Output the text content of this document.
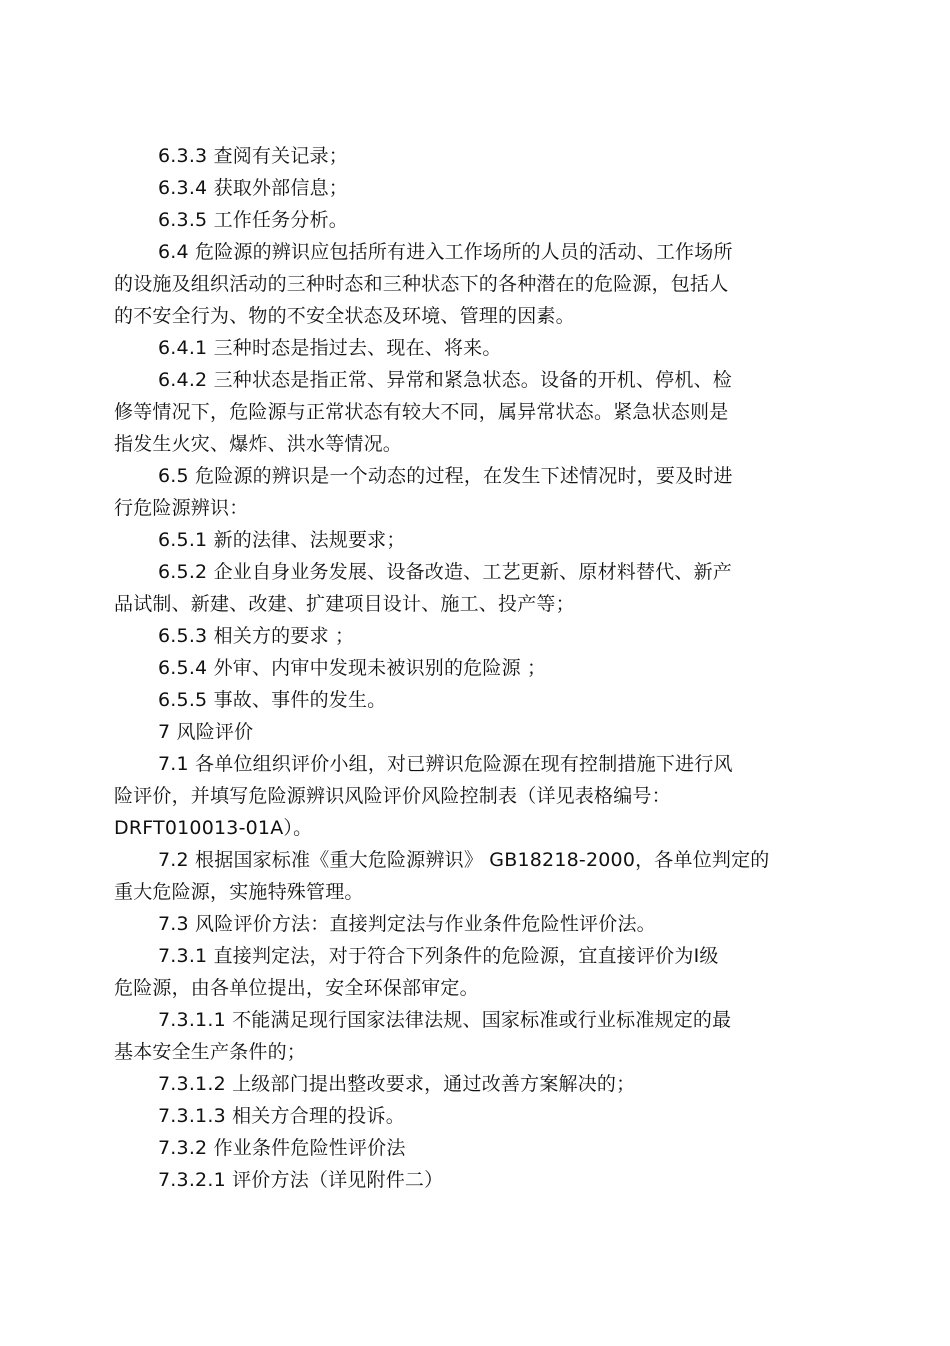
6.3.3 查阅有关记录；
6.3.4 获取外部信息；
6.3.5 工作任务分析。
6.4 危险源的辨识应包括所有进入工作场所的人员的活动、工作场所
的设施及组织活动的三种时态和三种状态下的各种潜在的危险源，包括人
的不安全行为、物的不安全状态及环境、管理的因素。
6.4.1 三种时态是指过去、现在、将来。
6.4.2 三种状态是指正常、异常和紧急状态。设备的开机、停机、检
修等情况下，危险源与正常状态有较大不同，属异常状态。紧急状态则是
指发生火灾、爆炸、洪水等情况。
6.5 危险源的辨识是一个动态的过程，在发生下述情况时，要及时进
行危险源辨识：
6.5.1 新的法律、法规要求；
6.5.2 企业自身业务发展、设备改造、工艺更新、原材料替代、新产
品试制、新建、改建、扩建项目设计、施工、投产等；
6.5.3 相关方的要求 ；
6.5.4 外审、内审中发现未被识别的危险源 ；
6.5.5 事故、事件的发生。
7 风险评价
7.1 各单位组织评价小组，对已辨识危险源在现有控制措施下进行风
险评价，并填写危险源辨识风险评价风险控制表（详见表格编号：
DRFT010013-01A）。
7.2 根据国家标准《重大危险源辨识》 GB18218-2000，各单位判定的
重大危险源，实施特殊管理。
7.3 风险评价方法：直接判定法与作业条件危险性评价法。
7.3.1 直接判定法，对于符合下列条件的危险源，宜直接评价为Ⅰ级
危险源，由各单位提出，安全环保部审定。
7.3.1.1 不能满足现行国家法律法规、国家标准或行业标准规定的最
基本安全生产条件的；
7.3.1.2 上级部门提出整改要求，通过改善方案解决的；
7.3.1.3 相关方合理的投诉。
7.3.2 作业条件危险性评价法
7.3.2.1 评价方法（详见附件二）
